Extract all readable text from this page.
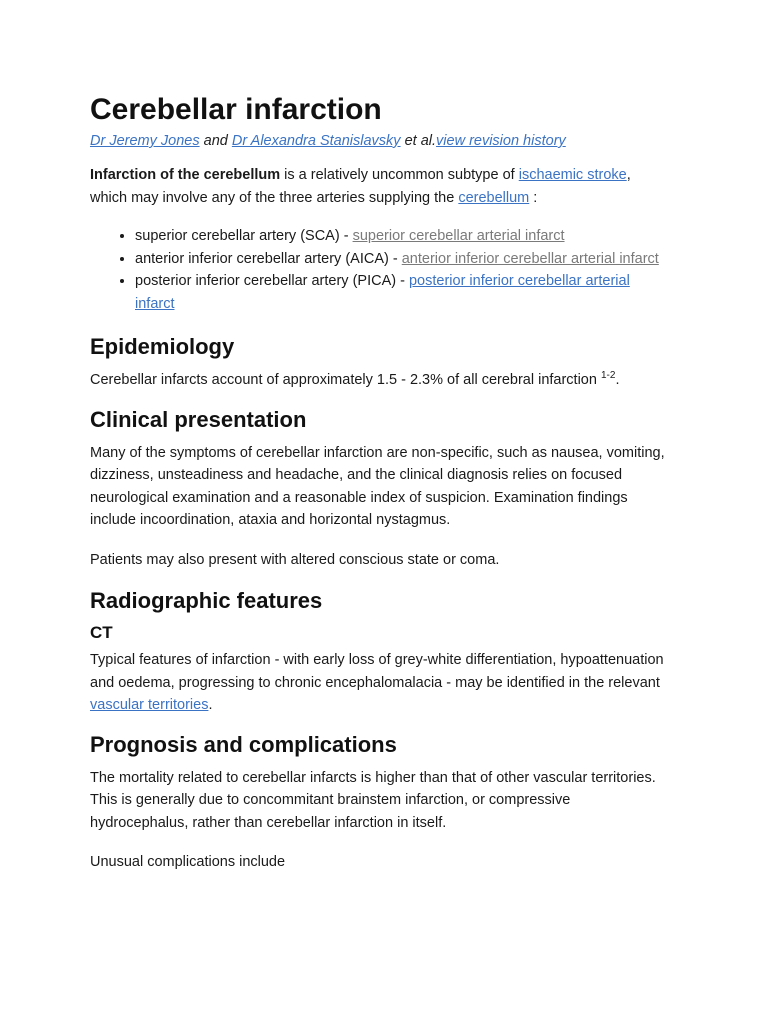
Cerebellar infarction

Dr Jeremy Jones and Dr Alexandra Stanislavsky et al.view revision history

Infarction of the cerebellum is a relatively uncommon subtype of ischaemic stroke, which may involve any of the three arteries supplying the cerebellum :

• superior cerebellar artery (SCA) - superior cerebellar arterial infarct
• anterior inferior cerebellar artery (AICA) - anterior inferior cerebellar arterial infarct
• posterior inferior cerebellar artery (PICA) - posterior inferior cerebellar arterial infarct
Epidemiology

Cerebellar infarcts account of approximately 1.5 - 2.3% of all cerebral infarction $^{1-2}$.

Clinical presentation

Many of the symptoms of cerebellar infarction are non-specific, such as nausea, vomiting, dizziness, unsteadiness and headache, and the clinical diagnosis relies on focused neurological examination and a reasonable index of suspicion. Examination findings include incoordination, ataxia and horizontal nystagmus.

Patients may also present with altered conscious state or coma.

Radiographic features
CT

Typical features of infarction - with early loss of grey-white differentiation, hypoattenuation and oedema, progressing to chronic encephalomalacia - may be identified in the relevant vascular territories.

Prognosis and complications

The mortality related to cerebellar infarcts is higher than that of other vascular territories. This is generally due to concommitant brainstem infarction, or compressive hydrocephalus, rather than cerebellar infarction in itself.

Unusual complications include
